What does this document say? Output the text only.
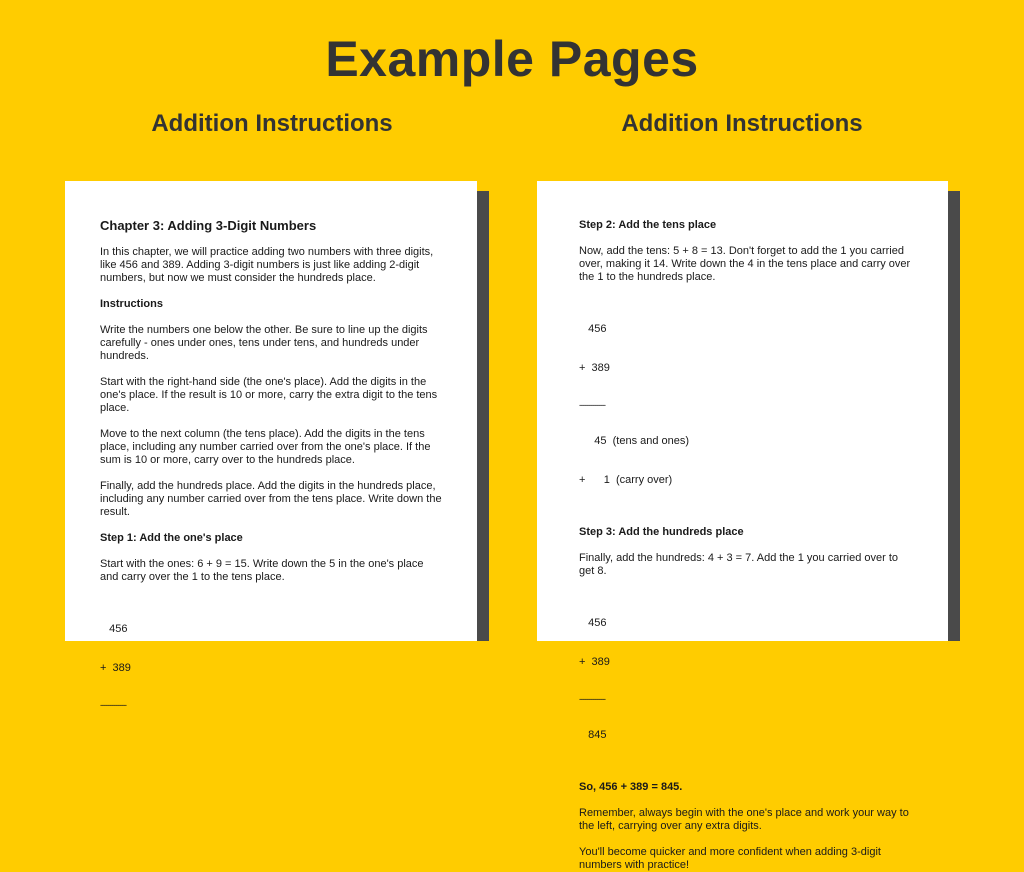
Example Pages
Addition Instructions	Addition Instructions
Chapter 3: Adding 3-Digit Numbers
In this chapter, we will practice adding two numbers with three digits, like 456 and 389. Adding 3-digit numbers is just like adding 2-digit numbers, but now we must consider the hundreds place.
Instructions
Write the numbers one below the other. Be sure to line up the digits carefully - ones under ones, tens under tens, and hundreds under hundreds.
Start with the right-hand side (the one's place). Add the digits in the one's place. If the result is 10 or more, carry the extra digit to the tens place.
Move to the next column (the tens place). Add the digits in the tens place, including any number carried over from the one's place. If the sum is 10 or more, carry over to the hundreds place.
Finally, add the hundreds place. Add the digits in the hundreds place, including any number carried over from the tens place. Write down the result.
Step 1: Add the one's place
Start with the ones: 6 + 9 = 15. Write down the 5 in the one's place and carry over the 1 to the tens place.

456

+  389

-------------

Step 2: Add the tens place
Now, add the tens: 5 + 8 = 13. Don't forget to add the 1 you carried over, making it 14. Write down the 4 in the tens place and carry over the 1 to the hundreds place.

456

+  389

-------------

45  (tens and ones)

+      1  (carry over)

Step 3: Add the hundreds place
Finally, add the hundreds: 4 + 3 = 7. Add the 1 you carried over to get 8.

456

+  389

-------------

845

So, 456 + 389 = 845.
Remember, always begin with the one's place and work your way to the left, carrying over any extra digits.
You'll become quicker and more confident when adding 3-digit numbers with practice!
